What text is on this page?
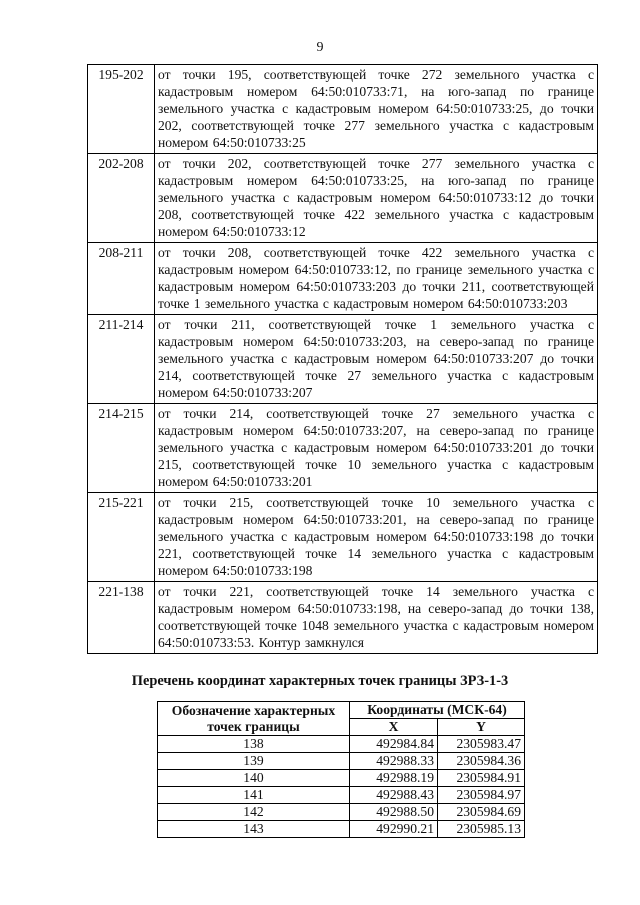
9
195-202	от точки 195, соответствующей точке 272 земельного участка с кадастровым номером 64:50:010733:71, на юго-запад по границе земельного участка с кадастровым номером 64:50:010733:25, до точки 202, соответствующей точке 277 земельного участка с кадастровым номером 64:50:010733:25
202-208	от точки 202, соответствующей точке 277 земельного участка с кадастровым номером 64:50:010733:25, на юго-запад по границе земельного участка с кадастровым номером 64:50:010733:12 до точки 208, соответствующей точке 422 земельного участка с кадастровым номером 64:50:010733:12
208-211	от точки 208, соответствующей точке 422 земельного участка с кадастровым номером 64:50:010733:12, по границе земельного участка с кадастровым номером 64:50:010733:203 до точки 211, соответствующей точке 1 земельного участка с кадастровым номером 64:50:010733:203
211-214	от точки 211, соответствующей точке 1 земельного участка с кадастровым номером 64:50:010733:203, на северо-запад по границе земельного участка с кадастровым номером 64:50:010733:207 до точки 214, соответствующей точке 27 земельного участка с кадастровым номером 64:50:010733:207
214-215	от точки 214, соответствующей точке 27 земельного участка с кадастровым номером 64:50:010733:207, на северо-запад по границе земельного участка с кадастровым номером 64:50:010733:201 до точки 215, соответствующей точке 10 земельного участка с кадастровым номером 64:50:010733:201
215-221	от точки 215, соответствующей точке 10 земельного участка с кадастровым номером 64:50:010733:201, на северо-запад по границе земельного участка с кадастровым номером 64:50:010733:198 до точки 221, соответствующей точке 14 земельного участка с кадастровым номером 64:50:010733:198
221-138	от точки 221, соответствующей точке 14 земельного участка с кадастровым номером 64:50:010733:198, на северо-запад до точки 138, соответствующей точке 1048 земельного участка с кадастровым номером 64:50:010733:53. Контур замкнулся
Перечень координат характерных точек границы ЗРЗ-1-3
Обозначение характерных точек границы	Координаты (МСК-64)	
	X	Y
138	492984.84	2305983.47
139	492988.33	2305984.36
140	492988.19	2305984.91
141	492988.43	2305984.97
142	492988.50	2305984.69
143	492990.21	2305985.13
